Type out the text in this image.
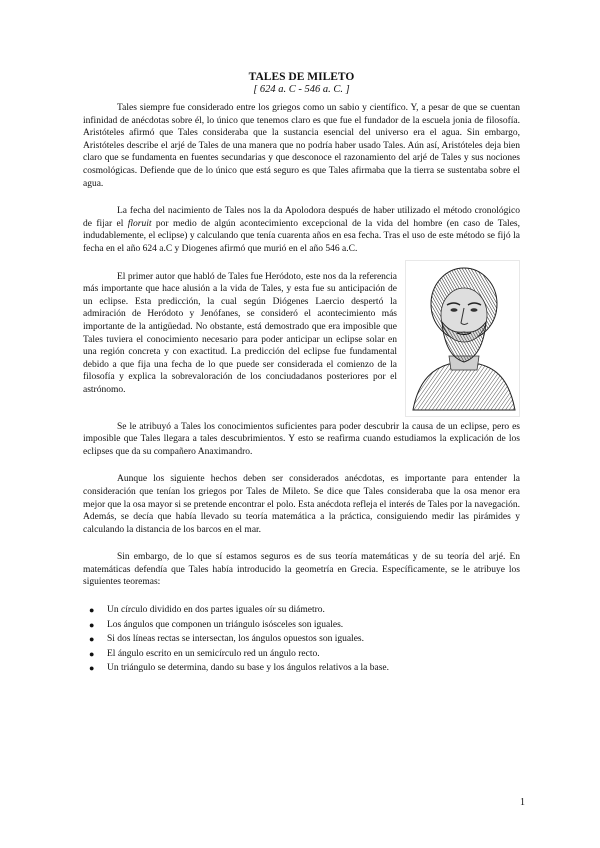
TALES DE MILETO
[ 624 a. C - 546 a. C. ]

Tales siempre fue considerado entre los griegos como un sabio y científico. Y, a pesar de que se cuentan infinidad de anécdotas sobre él, lo único que tenemos claro es que fue el fundador de la escuela jonia de filosofía. Aristóteles afirmó que Tales consideraba que la sustancia esencial del universo era el agua. Sin embargo, Aristóteles describe el arjé de Tales de una manera que no podría haber usado Tales. Aún así, Aristóteles deja bien claro que se fundamenta en fuentes secundarias y que desconoce el razonamiento del arjé de Tales y sus nociones cosmológicas. Defiende que de lo único que está seguro es que Tales afirmaba que la tierra se sustentaba sobre el agua.

La fecha del nacimiento de Tales nos la da Apolodora después de haber utilizado el método cronológico de fijar el floruit por medio de algún acontecimiento excepcional de la vida del hombre (en caso de Tales, indudablemente, el eclipse) y calculando que tenía cuarenta años en esa fecha. Tras el uso de este método se fijó la fecha en el año 624 a.C y Diogenes afirmó que murió en el año 546 a.C.

El primer autor que habló de Tales fue Heródoto, este nos da la referencia más importante que hace alusión a la vida de Tales, y esta fue su anticipación de un eclipse. Esta predicción, la cual según Diógenes Laercio despertó la admiración de Heródoto y Jenófanes, se consideró el acontecimiento más importante de la antigüedad. No obstante, está demostrado que era imposible que Tales tuviera el conocimiento necesario para poder anticipar un eclipse solar en una región concreta y con exactitud. La predicción del eclipse fue fundamental debido a que fija una fecha de lo que puede ser considerada el comienzo de la filosofía y explica la sobrevaloración de los conciudadanos posteriores por el astrónomo.

Se le atribuyó a Tales los conocimientos suficientes para poder descubrir la causa de un eclipse, pero es imposible que Tales llegara a tales descubrimientos. Y esto se reafirma cuando estudiamos la explicación de los eclipses que da su compañero Anaximandro.

Aunque los siguiente hechos deben ser considerados anécdotas, es importante para entender la consideración que tenían los griegos por Tales de Mileto. Se dice que Tales consideraba que la osa menor era mejor que la osa mayor si se pretende encontrar el polo. Esta anécdota refleja el interés de Tales por la navegación. Además, se decía que había llevado su teoría matemática a la práctica, consiguiendo medir las pirámides y calculando la distancia de los barcos en el mar.

Sin embargo, de lo que sí estamos seguros es de sus teoría matemáticas y de su teoría del arjé. En matemáticas defendía que Tales había introducido la geometría en Grecia. Específicamente, se le atribuye los siguientes teoremas:

● Un círculo dividido en dos partes iguales oír su diámetro.
● Los ángulos que componen un triángulo isósceles son iguales.
● Si dos líneas rectas se intersectan, los ángulos opuestos son iguales.
● El ángulo escrito en un semicírculo red un ángulo recto.
● Un triángulo se determina, dando su base y los ángulos relativos a la base.
1
